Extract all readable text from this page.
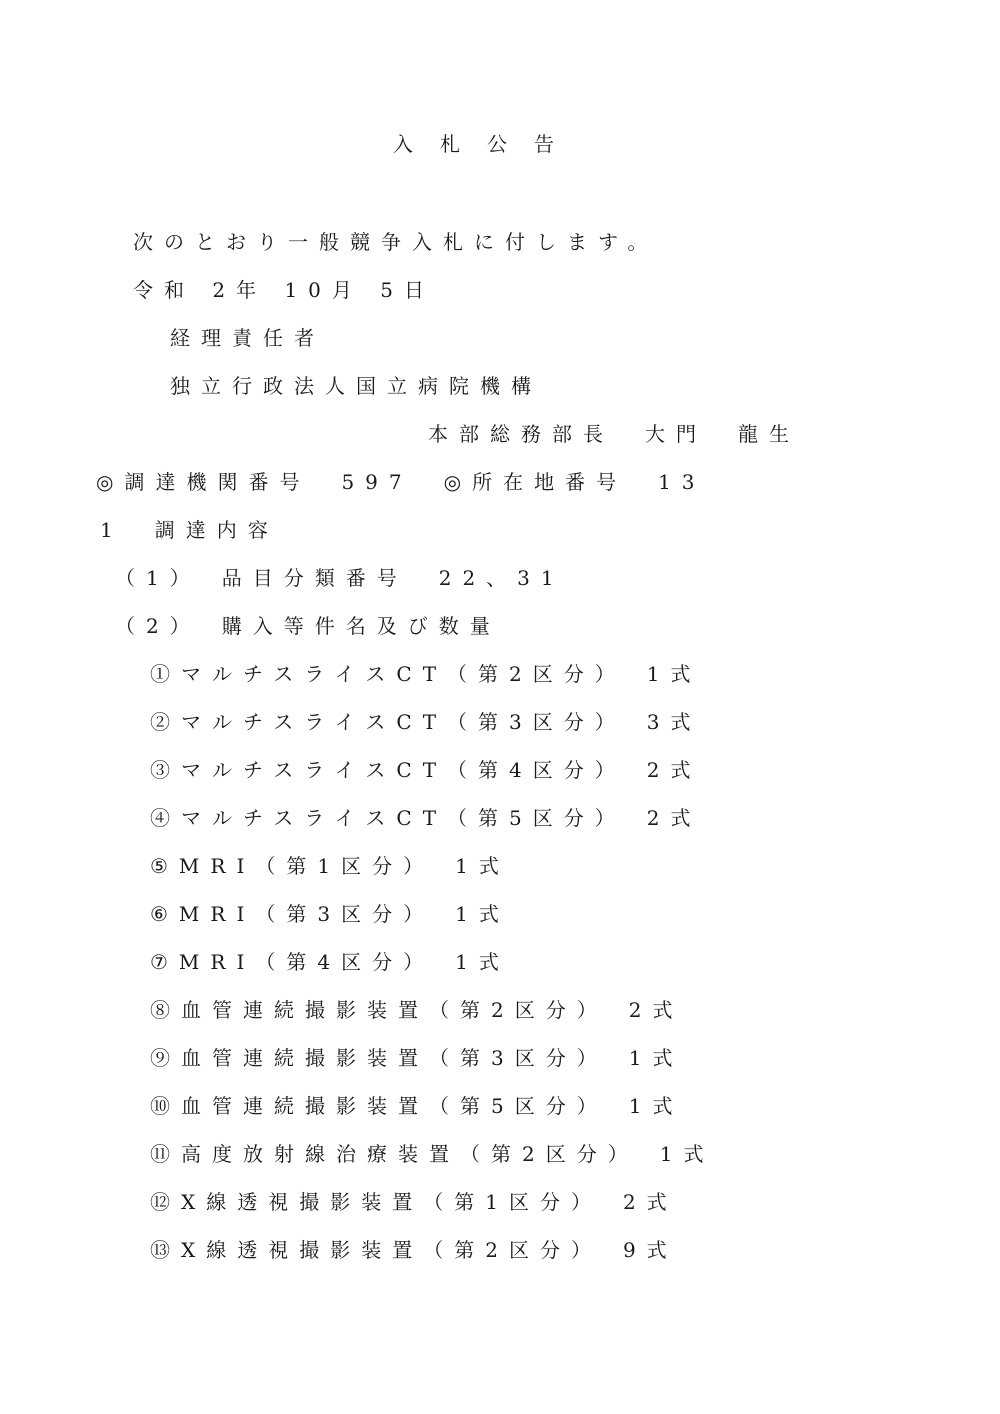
入札公告
次のとおり一般競争入札に付します。
令和 2年 10月 5日
経理責任者
独立行政法人国立病院機構
本部総務部長　大門　龍生
◎調達機関番号　597　◎所在地番号　13
1　調達内容
（1）　品目分類番号　22、31
（2）　購入等件名及び数量
①マルチスライスCT（第2区分）　1式
②マルチスライスCT（第3区分）　3式
③マルチスライスCT（第4区分）　2式
④マルチスライスCT（第5区分）　2式
⑤MRI（第1区分）　1式
⑥MRI（第3区分）　1式
⑦MRI（第4区分）　1式
⑧血管連続撮影装置（第2区分）　2式
⑨血管連続撮影装置（第3区分）　1式
⑩血管連続撮影装置（第5区分）　1式
⑪高度放射線治療装置（第2区分）　1式
⑫X線透視撮影装置（第1区分）　2式
⑬X線透視撮影装置（第2区分）　9式
